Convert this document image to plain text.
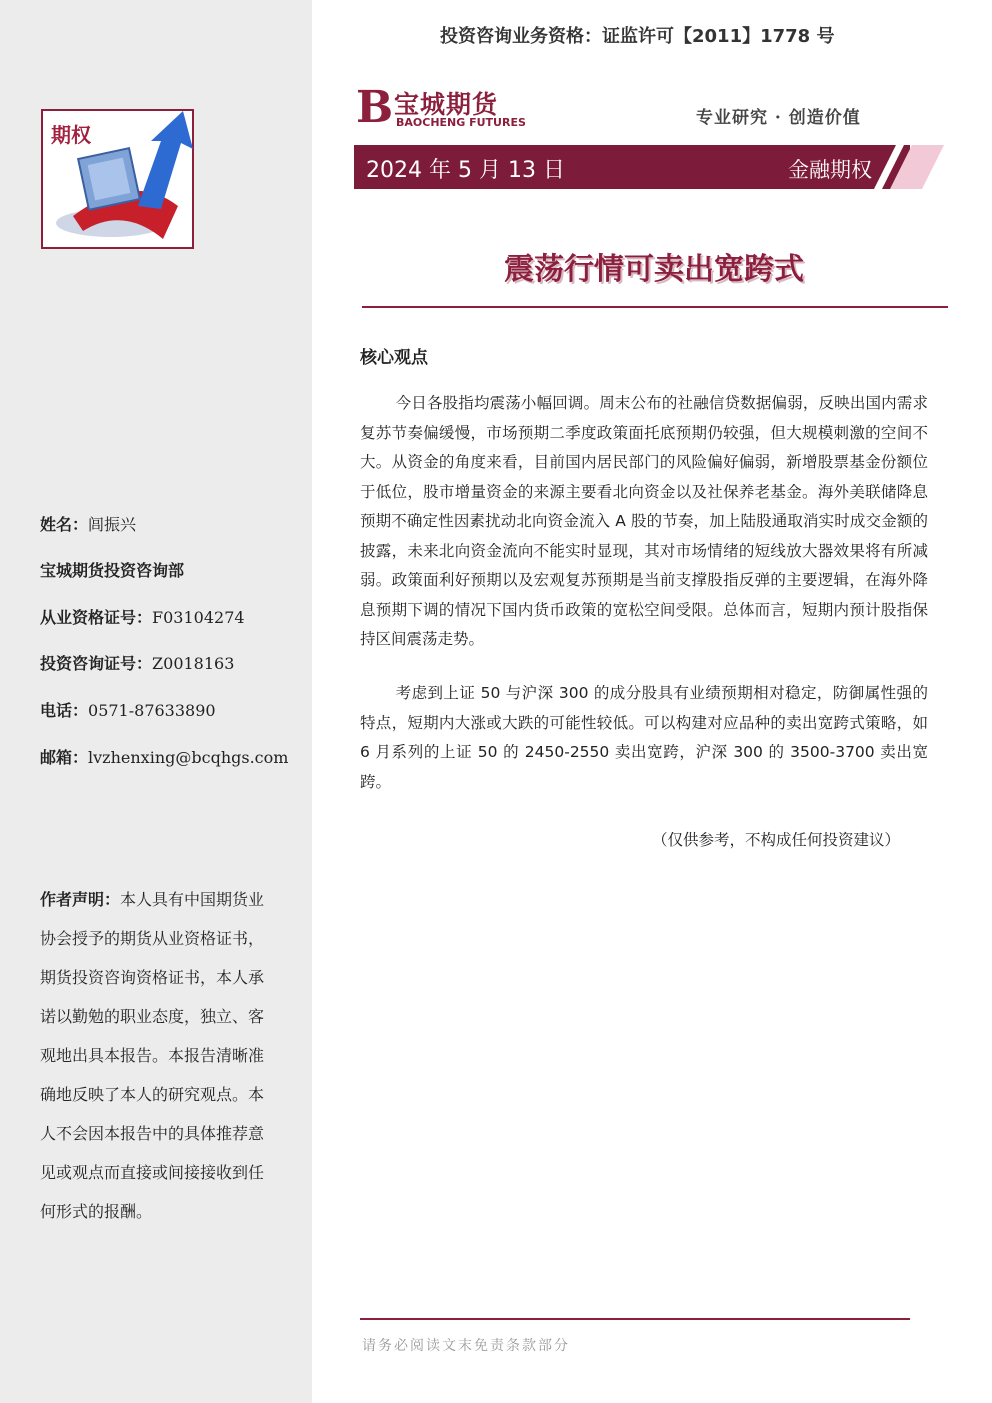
期权
姓名：闾振兴
宝城期货投资咨询部
从业资格证号：F03104274
投资咨询证号：Z0018163
电话：0571-87633890
邮箱：lvzhenxing@bcqhgs.com
作者声明：本人具有中国期货业协会授予的期货从业资格证书，期货投资咨询资格证书，本人承诺以勤勉的职业态度，独立、客观地出具本报告。本报告清晰准确地反映了本人的研究观点。本人不会因本报告中的具体推荐意见或观点而直接或间接接收到任何形式的报酬。
投资咨询业务资格：证监许可【2011】1778 号
B 宝城期货
BAOCHENG FUTURES	专业研究 · 创造价值
2024 年 5 月 13 日	金融期权
震荡行情可卖出宽跨式
核心观点

今日各股指均震荡小幅回调。周末公布的社融信贷数据偏弱，反映出国内需求复苏节奏偏缓慢，市场预期二季度政策面托底预期仍较强，但大规模刺激的空间不大。从资金的角度来看，目前国内居民部门的风险偏好偏弱，新增股票基金份额位于低位，股市增量资金的来源主要看北向资金以及社保养老基金。海外美联储降息预期不确定性因素扰动北向资金流入 A 股的节奏，加上陆股通取消实时成交金额的披露，未来北向资金流向不能实时显现，其对市场情绪的短线放大器效果将有所减弱。政策面利好预期以及宏观复苏预期是当前支撑股指反弹的主要逻辑，在海外降息预期下调的情况下国内货币政策的宽松空间受限。总体而言，短期内预计股指保持区间震荡走势。

考虑到上证 50 与沪深 300 的成分股具有业绩预期相对稳定，防御属性强的特点，短期内大涨或大跌的可能性较低。可以构建对应品种的卖出宽跨式策略，如 6 月系列的上证 50 的 2450-2550 卖出宽跨，沪深 300 的 3500-3700 卖出宽跨。

（仅供参考，不构成任何投资建议）
请务必阅读文末免责条款部分
